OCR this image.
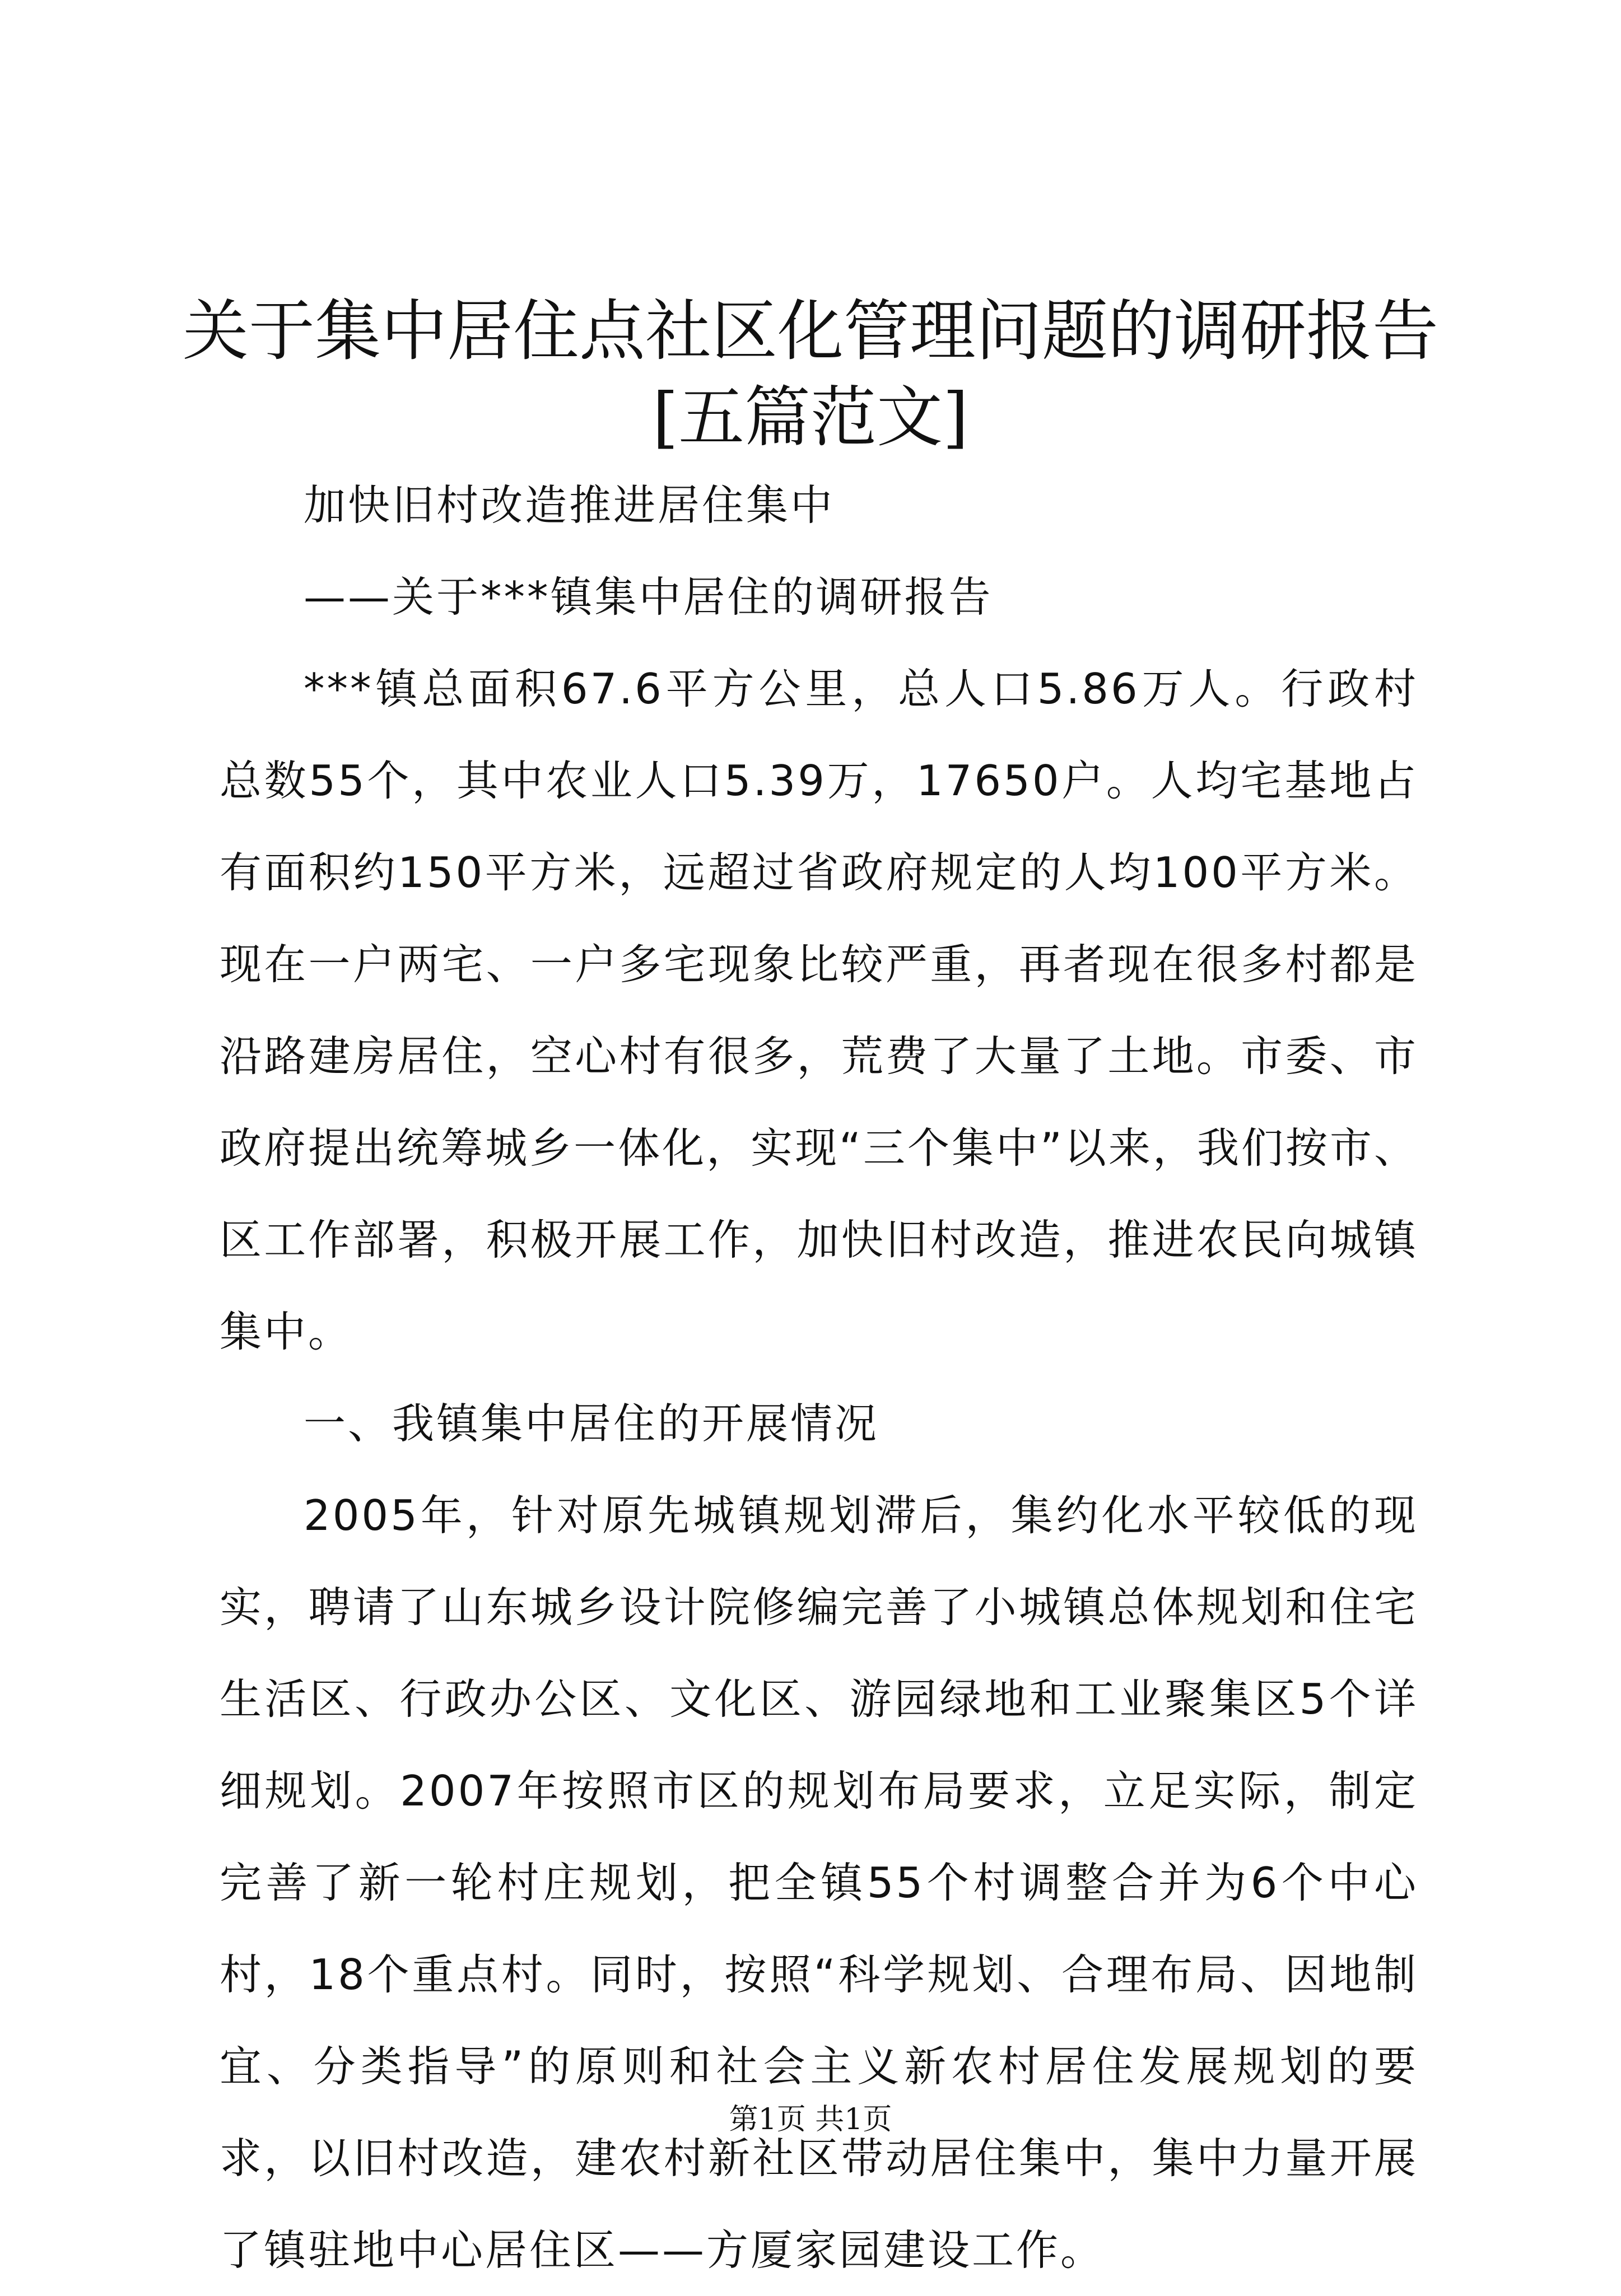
关于集中居住点社区化管理问题的调研报告
[五篇范文]

加快旧村改造推进居住集中

——关于***镇集中居住的调研报告

***镇总面积67.6平方公里，总人口5.86万人。行政村总数55个，其中农业人口5.39万，17650户。人均宅基地占有面积约150平方米，远超过省政府规定的人均100平方米。现在一户两宅、一户多宅现象比较严重，再者现在很多村都是沿路建房居住，空心村有很多，荒费了大量了土地。市委、市政府提出统筹城乡一体化，实现“三个集中”以来，我们按市、区工作部署，积极开展工作，加快旧村改造，推进农民向城镇集中。

一、我镇集中居住的开展情况

2005年，针对原先城镇规划滞后，集约化水平较低的现实，聘请了山东城乡设计院修编完善了小城镇总体规划和住宅生活区、行政办公区、文化区、游园绿地和工业聚集区5个详细规划。2007年按照市区的规划布局要求，立足实际，制定完善了新一轮村庄规划，把全镇55个村调整合并为6个中心村，18个重点村。同时，按照“科学规划、合理布局、因地制宜、分类指导”的原则和社会主义新农村居住发展规划的要求，以旧村改造，建农村新社区带动居住集中，集中力量开展了镇驻地中心居住区——方厦家园建设工作。

第1页 共1页
